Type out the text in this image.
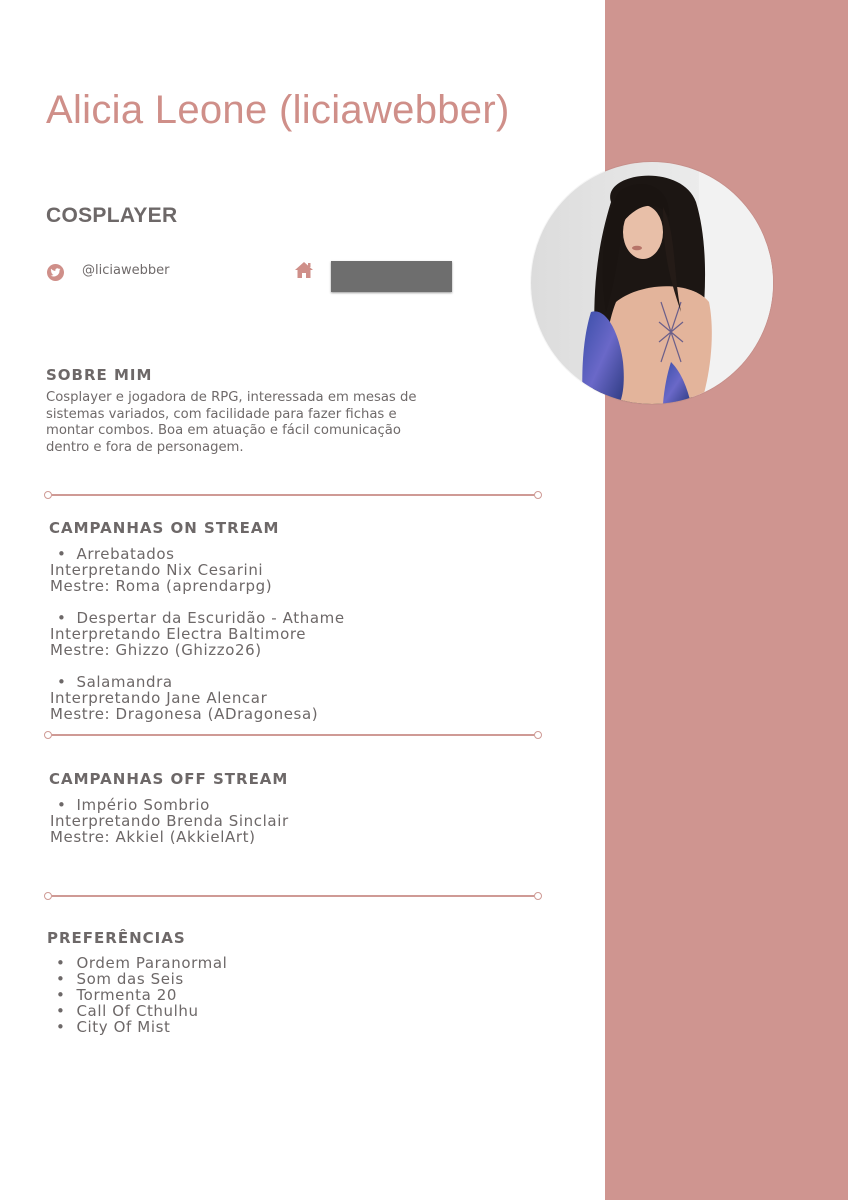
Alicia Leone (liciawebber)
COSPLAYER
@liciawebber
SOBRE MIM

Cosplayer e jogadora de RPG, interessada em mesas de sistemas variados, com facilidade para fazer fichas e montar combos. Boa em atuação e fácil comunicação dentro e fora de personagem.

CAMPANHAS ON STREAM
• Arrebatados
Interpretando Nix Cesarini
Mestre: Roma (aprendarpg)
• Despertar da Escuridão - Athame
Interpretando Electra Baltimore
Mestre: Ghizzo (Ghizzo26)
• Salamandra
Interpretando Jane Alencar
Mestre: Dragonesa (ADragonesa)
CAMPANHAS OFF STREAM
• Império Sombrio
Interpretando Brenda Sinclair
Mestre: Akkiel (AkkielArt)
PREFERÊNCIAS
• Ordem Paranormal
• Som das Seis
• Tormenta 20
• Call Of Cthulhu
• City Of Mist
